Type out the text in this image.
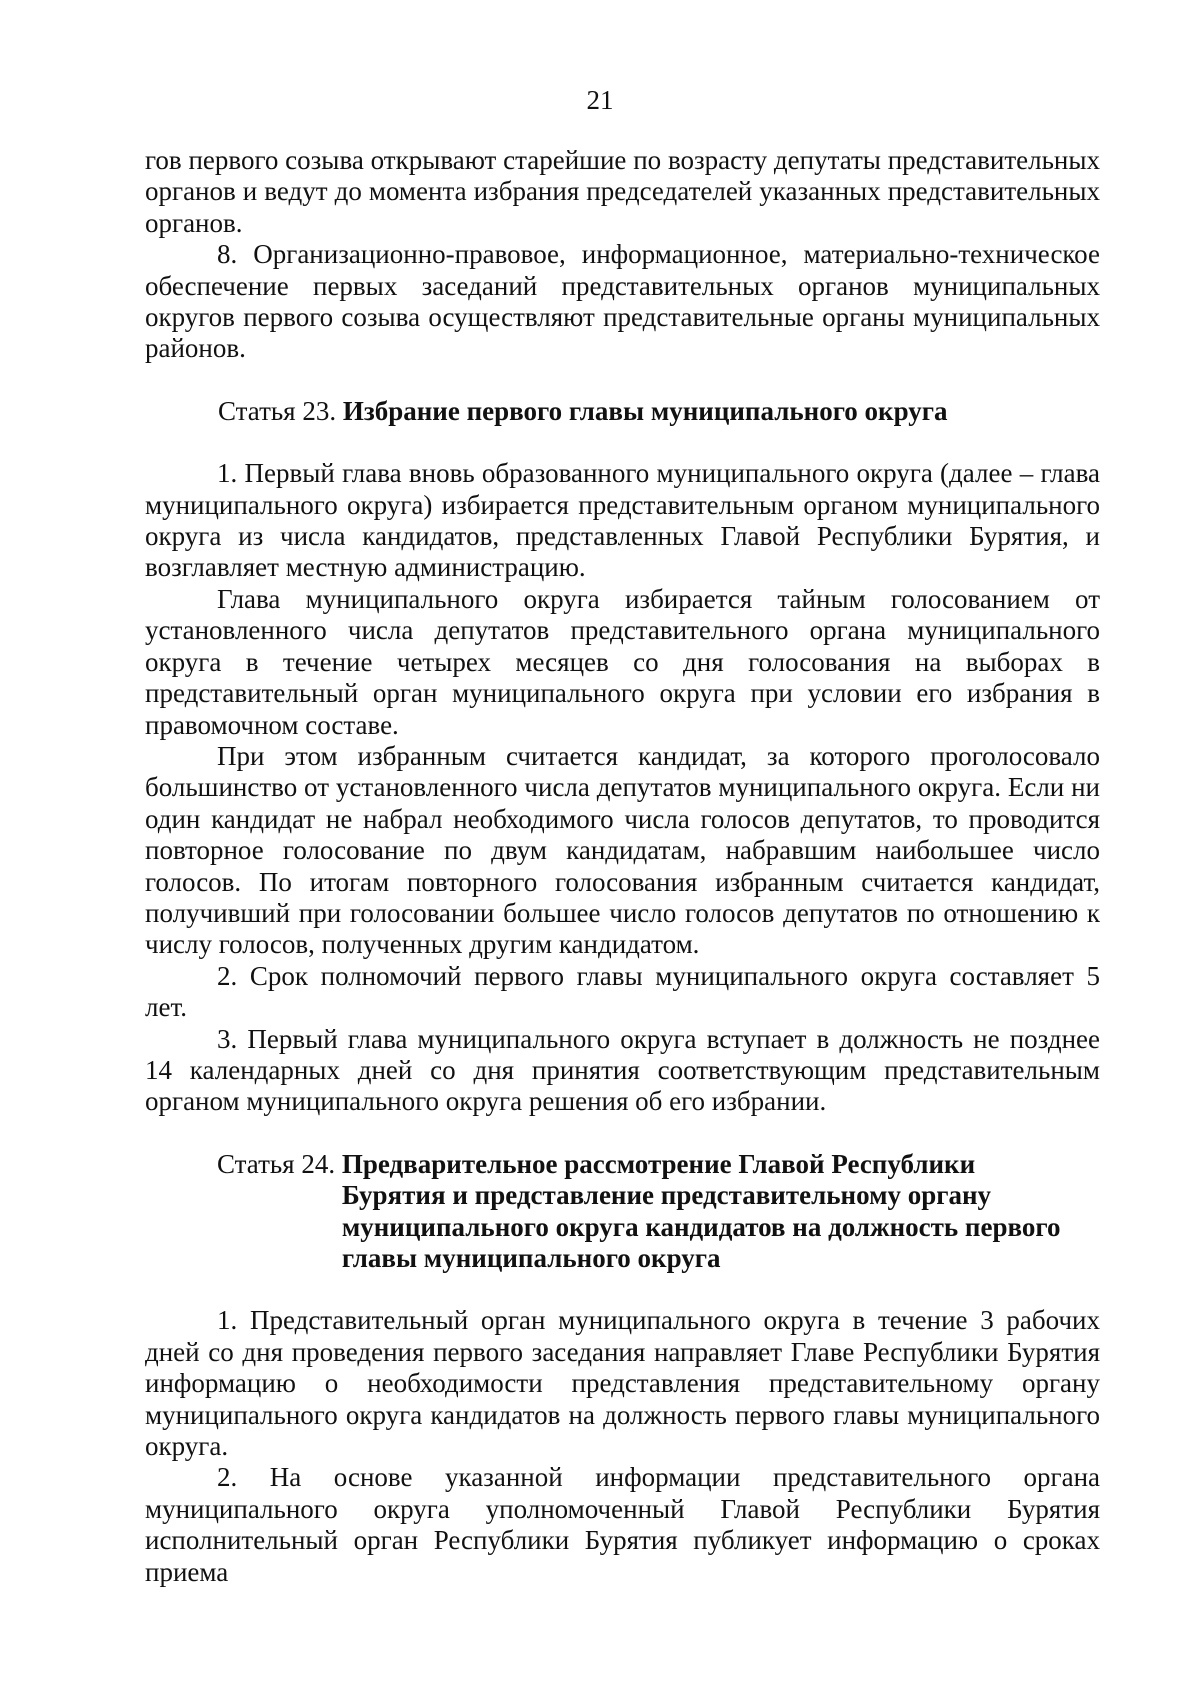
21

гов первого созыва открывают старейшие по возрасту депутаты представительных органов и ведут до момента избрания председателей указанных представительных органов.

8. Организационно-правовое, информационное, материально-техническое обеспечение первых заседаний представительных органов муниципальных округов первого созыва осуществляют представительные органы муниципальных районов.

Статья 23. Избрание первого главы муниципального округа

1. Первый глава вновь образованного муниципального округа (далее – глава муниципального округа) избирается представительным органом муниципального округа из числа кандидатов, представленных Главой Республики Бурятия, и возглавляет местную администрацию.

Глава муниципального округа избирается тайным голосованием от установленного числа депутатов представительного органа муниципального округа в течение четырех месяцев со дня голосования на выборах в представительный орган муниципального округа при условии его избрания в правомочном составе.

При этом избранным считается кандидат, за которого проголосовало большинство от установленного числа депутатов муниципального округа. Если ни один кандидат не набрал необходимого числа голосов депутатов, то проводится повторное голосование по двум кандидатам, набравшим наибольшее число голосов. По итогам повторного голосования избранным считается кандидат, получивший при голосовании большее число голосов депутатов по отношению к числу голосов, полученных другим кандидатом.

2. Срок полномочий первого главы муниципального округа составляет 5 лет.

3. Первый глава муниципального округа вступает в должность не позднее 14 календарных дней со дня принятия соответствующим представительным органом муниципального округа решения об его избрании.

Статья 24. Предварительное рассмотрение Главой Республики Бурятия и представление представительному органу муниципального округа кандидатов на должность первого главы муниципального округа

1. Представительный орган муниципального округа в течение 3 рабочих дней со дня проведения первого заседания направляет Главе Республики Бурятия информацию о необходимости представления представительному органу муниципального округа кандидатов на должность первого главы муниципального округа.

2. На основе указанной информации представительного органа муниципального округа уполномоченный Главой Республики Бурятия исполнительный орган Республики Бурятия публикует информацию о сроках приема
